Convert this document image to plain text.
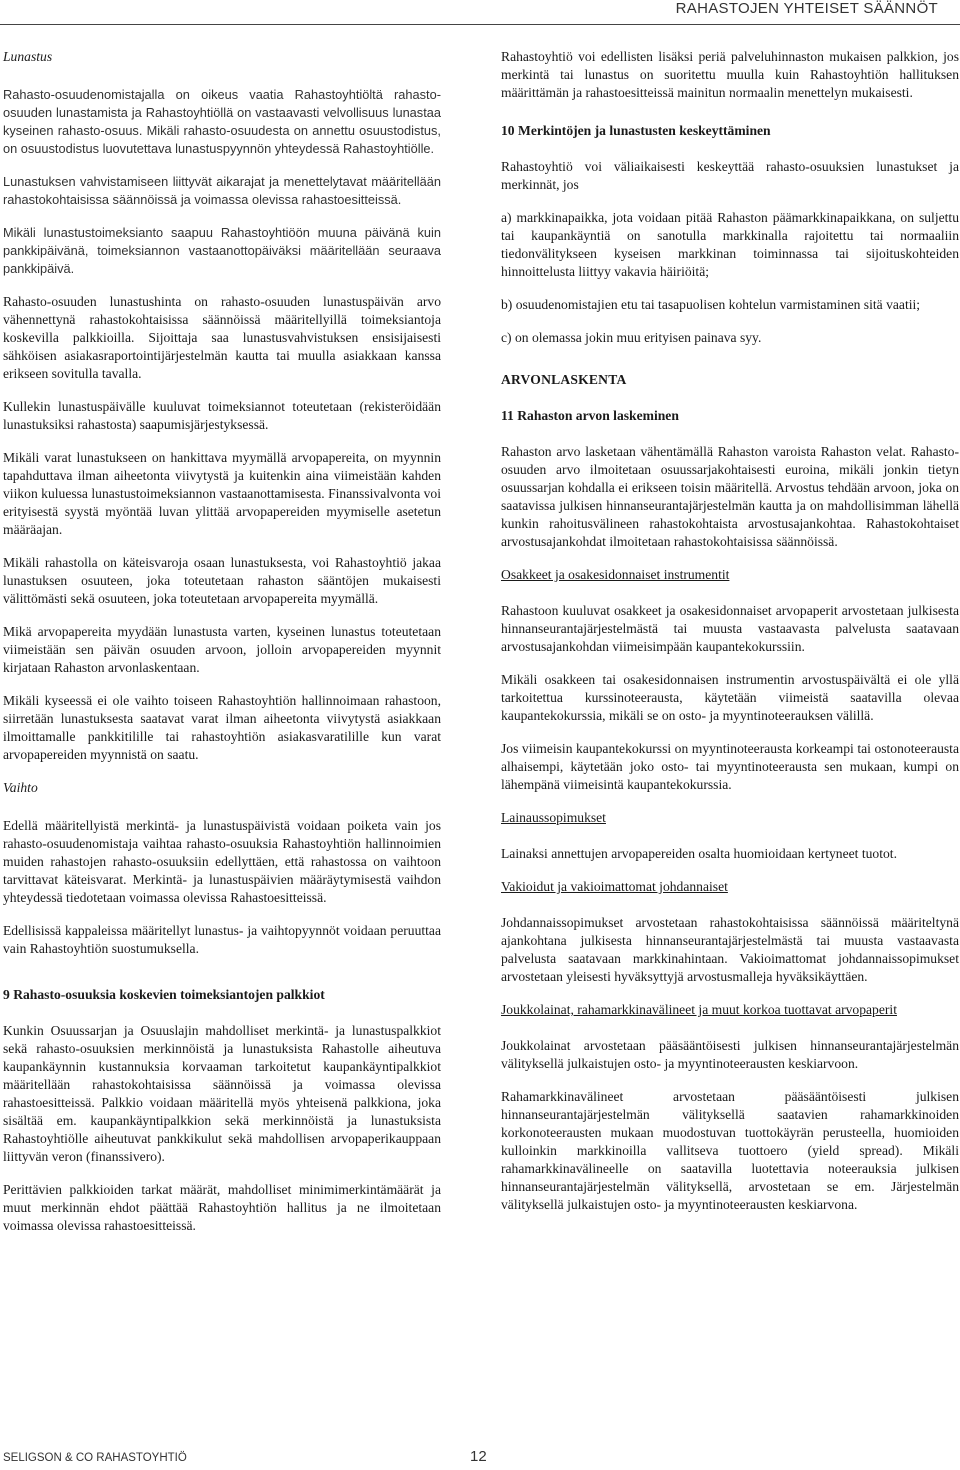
RAHASTOJEN YHTEISET SÄÄNNÖT

Lunastus

Rahasto-osuudenomistajalla on oikeus vaatia Rahastoyhtiöltä rahasto-osuuden lunastamista ja Rahastoyhtiöllä on vastaavasti velvollisuus lunastaa kyseinen rahasto-osuus. Mikäli rahasto-osuudesta on annettu osuustodistus, on osuustodistus luovutettava lunastuspyynnön yhteydessä Rahastoyhtiölle.

Lunastuksen vahvistamiseen liittyvät aikarajat ja menettelytavat määritellään rahastokohtaisissa säännöissä ja voimassa olevissa rahastoesitteissä.

Mikäli lunastustoimeksianto saapuu Rahastoyhtiöön muuna päivänä kuin pankkipäivänä, toimeksiannon vastaanottopäiväksi määritellään seuraava pankkipäivä.

Rahasto-osuuden lunastushinta on rahasto-osuuden lunastuspäivän arvo vähennettynä rahastokohtaisissa säännöissä määritellyillä toimeksiantoja koskevilla palkkioilla. Sijoittaja saa lunastusvahvistuksen ensisijaisesti sähköisen asiakasraportointijärjestelmän kautta tai muulla asiakkaan kanssa erikseen sovitulla tavalla.

Kullekin lunastuspäivälle kuuluvat toimeksiannot toteutetaan (rekisteröidään lunastuksiksi rahastosta) saapumisjärjestyksessä.

Mikäli varat lunastukseen on hankittava myymällä arvopapereita, on myynnin tapahduttava ilman aiheetonta viivytystä ja kuitenkin aina viimeistään kahden viikon kuluessa lunastustoimeksiannon vastaanottamisesta. Finanssivalvonta voi erityisestä syystä myöntää luvan ylittää arvopapereiden myymiselle asetetun määräajan.

Mikäli rahastolla on käteisvaroja osaan lunastuksesta, voi Rahastoyhtiö jakaa lunastuksen osuuteen, joka toteutetaan rahaston sääntöjen mukaisesti välittömästi sekä osuuteen, joka toteutetaan arvopapereita myymällä.

Mikä arvopapereita myydään lunastusta varten, kyseinen lunastus toteutetaan viimeistään sen päivän osuuden arvoon, jolloin arvopapereiden myynnit kirjataan Rahaston arvonlaskentaan.

Mikäli kyseessä ei ole vaihto toiseen Rahastoyhtiön hallinnoimaan rahastoon, siirretään lunastuksesta saatavat varat ilman aiheetonta viivytystä asiakkaan ilmoittamalle pankkitilille tai rahastoyhtiön asiakasvaratilille kun varat arvopapereiden myynnistä on saatu.

Vaihto

Edellä määritellyistä merkintä- ja lunastuspäivistä voidaan poiketa vain jos rahasto-osuudenomistaja vaihtaa rahasto-osuuksia Rahastoyhtiön hallinnoimien muiden rahastojen rahasto-osuuksiin edellyttäen, että rahastossa on vaihtoon tarvittavat käteisvarat. Merkintä- ja lunastuspäivien määräytymisestä vaihdon yhteydessä tiedotetaan voimassa olevissa Rahastoesitteissä.

Edellisissä kappaleissa määritellyt lunastus- ja vaihtopyynnöt voidaan peruuttaa vain Rahastoyhtiön suostumuksella.

9 Rahasto-osuuksia koskevien toimeksiantojen palkkiot

Kunkin Osuussarjan ja Osuuslajin mahdolliset merkintä- ja lunastuspalkkiot sekä rahasto-osuuksien merkinnöistä ja lunastuksista Rahastolle aiheutuva kaupankäynnin kustannuksia korvaaman tarkoitetut kaupankäyntipalkkiot määritellään rahastokohtaisissa säännöissä ja voimassa olevissa rahastoesitteissä. Palkkio voidaan määritellä myös yhteisenä palkkiona, joka sisältää em. kaupankäyntipalkkion sekä merkinnöistä ja lunastuksista Rahastoyhtiölle aiheutuvat pankkikulut sekä mahdollisen arvopaperikauppaan liittyvän veron (finanssivero).

Perittävien palkkioiden tarkat määrät, mahdolliset minimimerkintämäärät ja muut merkinnän ehdot päättää Rahastoyhtiön hallitus ja ne ilmoitetaan voimassa olevissa rahastoesitteissä.

Rahastoyhtiö voi edellisten lisäksi periä palveluhinnaston mukaisen palkkion, jos merkintä tai lunastus on suoritettu muulla kuin Rahastoyhtiön hallituksen määrittämän ja rahastoesitteissä mainitun normaalin menettelyn mukaisesti.

10 Merkintöjen ja lunastusten keskeyttäminen

Rahastoyhtiö voi väliaikaisesti keskeyttää rahasto-osuuksien lunastukset ja merkinnät, jos

a) markkinapaikka, jota voidaan pitää Rahaston päämarkkinapaikkana, on suljettu tai kaupankäyntiä on sanotulla markkinalla rajoitettu tai normaaliin tiedonvälitykseen kyseisen markkinan toiminnassa tai sijoituskohteiden hinnoittelusta liittyy vakavia häiriöitä;

b) osuudenomistajien etu tai tasapuolisen kohtelun varmistaminen sitä vaatii;

c) on olemassa jokin muu erityisen painava syy.

ARVONLASKENTA

11 Rahaston arvon laskeminen

Rahaston arvo lasketaan vähentämällä Rahaston varoista Rahaston velat. Rahasto-osuuden arvo ilmoitetaan osuussarjakohtaisesti euroina, mikäli jonkin tietyn osuussarjan kohdalla ei erikseen toisin määritellä. Arvostus tehdään arvoon, joka on saatavissa julkisen hinnanseurantajärjestelmän kautta ja on mahdollisimman lähellä kunkin rahoitusvälineen rahastokohtaista arvostusajankohtaa. Rahastokohtaiset arvostusajankohdat ilmoitetaan rahastokohtaisissa säännöissä.

Osakkeet ja osakesidonnaiset instrumentit

Rahastoon kuuluvat osakkeet ja osakesidonnaiset arvopaperit arvostetaan julkisesta hinnanseurantajärjestelmästä tai muusta vastaavasta palvelusta saatavaan arvostusajankohdan viimeisimpään kaupantekokurssiin.

Mikäli osakkeen tai osakesidonnaisen instrumentin arvostuspäivältä ei ole yllä tarkoitettua kurssinoteerausta, käytetään viimeistä saatavilla olevaa kaupantekokurssia, mikäli se on osto- ja myyntinoteerauksen välillä.

Jos viimeisin kaupantekokurssi on myyntinoteerausta korkeampi tai ostonoteerausta alhaisempi, käytetään joko osto- tai myyntinoteerausta sen mukaan, kumpi on lähempänä viimeisintä kaupantekokurssia.

Lainaussopimukset

Lainaksi annettujen arvopapereiden osalta huomioidaan kertyneet tuotot.

Vakioidut ja vakioimattomat johdannaiset

Johdannaissopimukset arvostetaan rahastokohtaisissa säännöissä määriteltynä ajankohtana julkisesta hinnanseurantajärjestelmästä tai muusta vastaavasta palvelusta saatavaan markkinahintaan. Vakioimattomat johdannaissopimukset arvostetaan yleisesti hyväksyttyjä arvostusmalleja hyväksikäyttäen.

Joukkolainat, rahamarkkinavälineet ja muut korkoa tuottavat arvopaperit

Joukkolainat arvostetaan pääsääntöisesti julkisen hinnanseurantajärjestelmän välityksellä julkaistujen osto- ja myyntinoteerausten keskiarvoon.

Rahamarkkinavälineet arvostetaan pääsääntöisesti julkisen hinnanseurantajärjestelmän välityksellä saatavien rahamarkkinoiden korkonoteerausten mukaan muodostuvan tuottokäyrän perusteella, huomioiden kulloinkin markkinoilla vallitseva tuottoero (yield spread). Mikäli rahamarkkinavälineelle on saatavilla luotettavia noteerauksia julkisen hinnanseurantajärjestelmän välityksellä, arvostetaan se em. Järjestelmän välityksellä julkaistujen osto- ja myyntinoteerausten keskiarvona.

SELIGSON & CO RAHASTOYHTIÖ	12
